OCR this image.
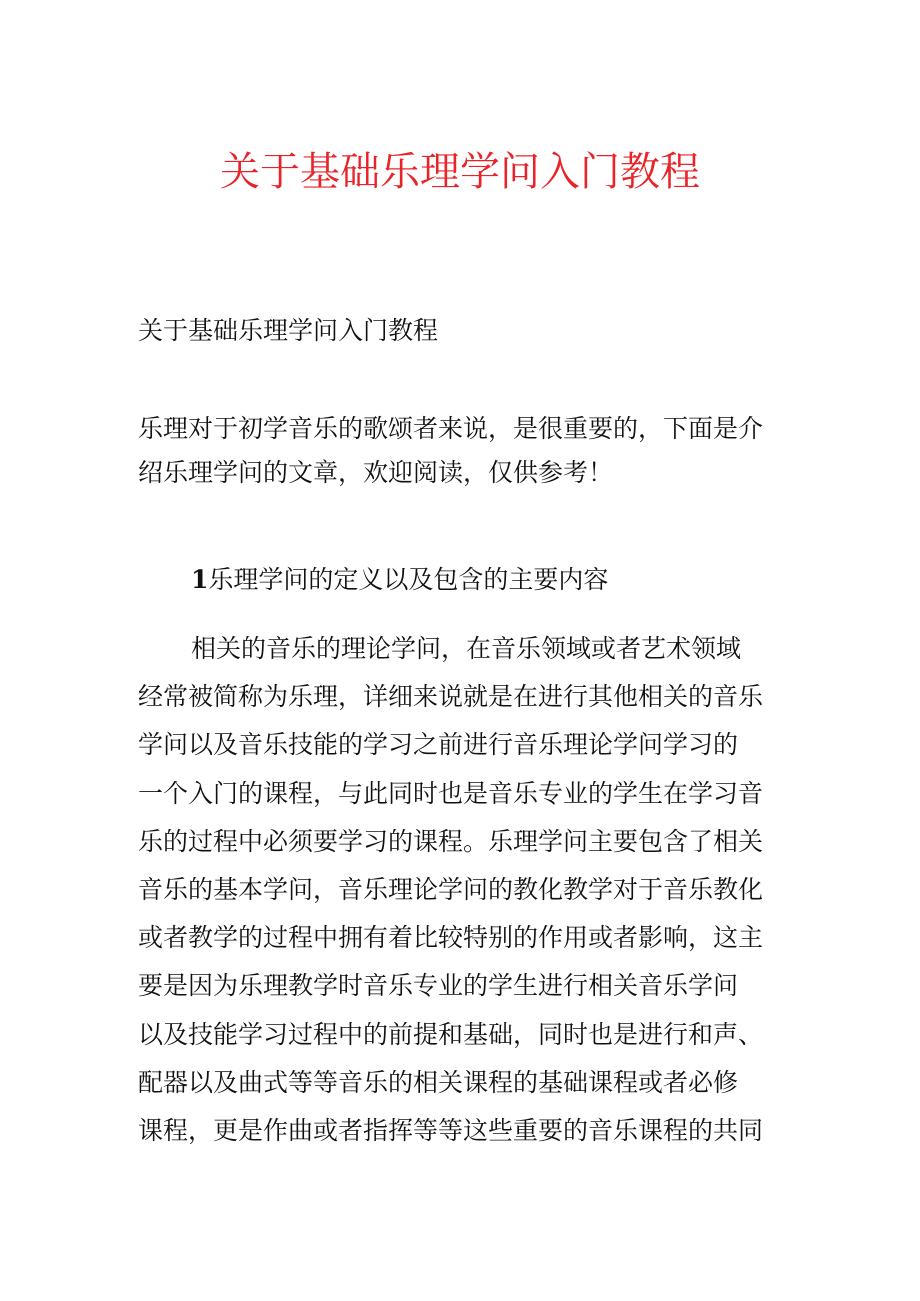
关于基础乐理学问入门教程

关于基础乐理学问入门教程

乐理对于初学音乐的歌颂者来说，是很重要的，下面是介
绍乐理学问的文章，欢迎阅读，仅供参考！

1乐理学问的定义以及包含的主要内容

相关的音乐的理论学问，在音乐领域或者艺术领域
经常被简称为乐理，详细来说就是在进行其他相关的音乐
学问以及音乐技能的学习之前进行音乐理论学问学习的
一个入门的课程，与此同时也是音乐专业的学生在学习音
乐的过程中必须要学习的课程。乐理学问主要包含了相关
音乐的基本学问，音乐理论学问的教化教学对于音乐教化
或者教学的过程中拥有着比较特别的作用或者影响，这主
要是因为乐理教学时音乐专业的学生进行相关音乐学问
以及技能学习过程中的前提和基础，同时也是进行和声、
配器以及曲式等等音乐的相关课程的基础课程或者必修
课程，更是作曲或者指挥等等这些重要的音乐课程的共同
